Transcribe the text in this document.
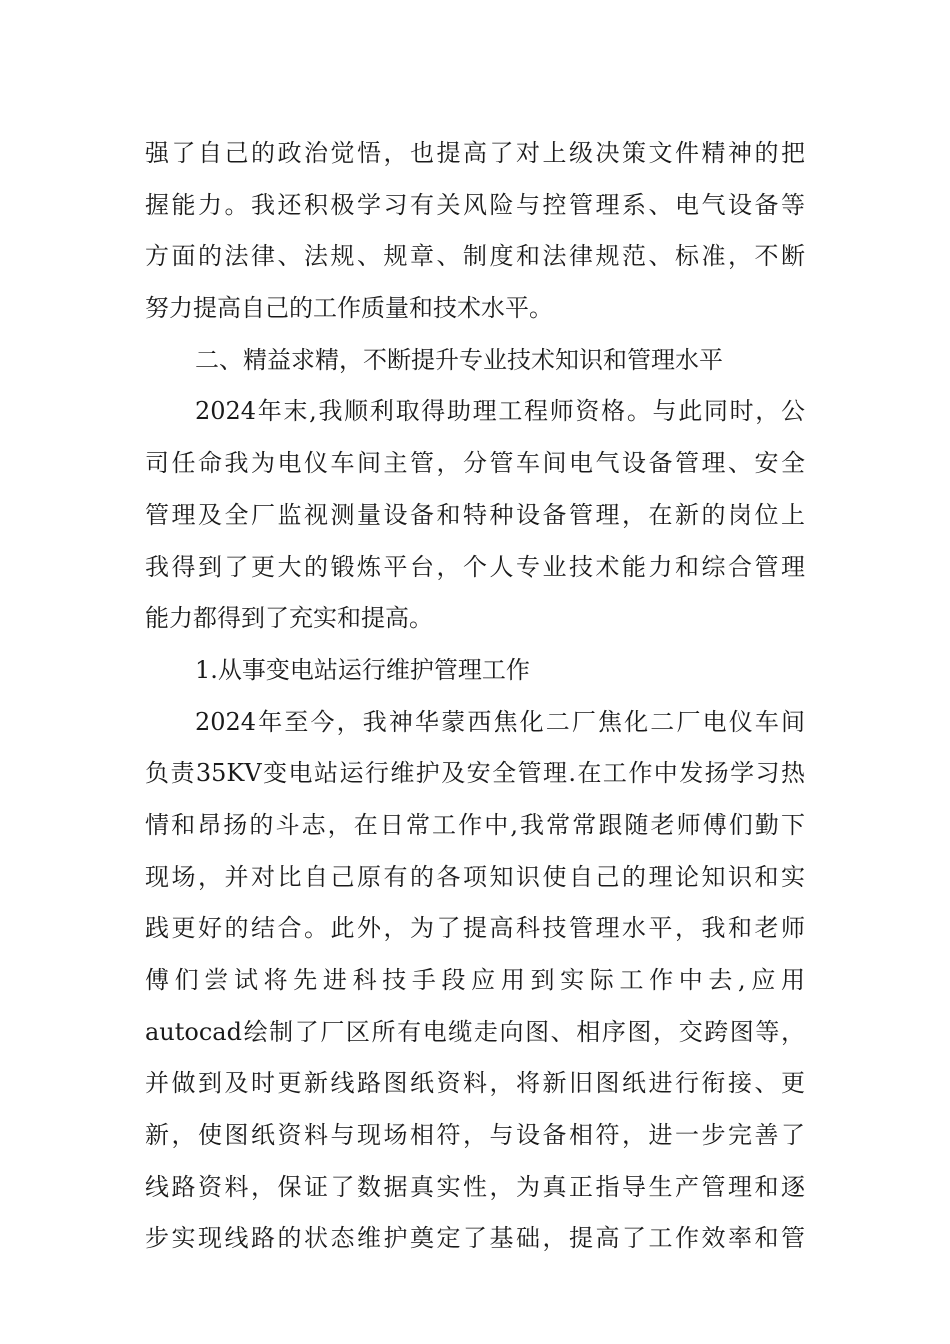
强了自己的政治觉悟，也提高了对上级决策文件精神的把
握能力。我还积极学习有关风险与控管理系、电气设备等
方面的法律、法规、规章、制度和法律规范、标准，不断
努力提高自己的工作质量和技术水平。
二、精益求精，不断提升专业技术知识和管理水平
2024年末,我顺利取得助理工程师资格。与此同时，公
司任命我为电仪车间主管，分管车间电气设备管理、安全
管理及全厂监视测量设备和特种设备管理，在新的岗位上
我得到了更大的锻炼平台，个人专业技术能力和综合管理
能力都得到了充实和提高。
1.从事变电站运行维护管理工作
2024年至今，我神华蒙西焦化二厂焦化二厂电仪车间
负责35KV变电站运行维护及安全管理.在工作中发扬学习热
情和昂扬的斗志，在日常工作中,我常常跟随老师傅们勤下
现场，并对比自己原有的各项知识使自己的理论知识和实
践更好的结合。此外，为了提高科技管理水平，我和老师
傅们尝试将先进科技手段应用到实际工作中去,应用
autocad绘制了厂区所有电缆走向图、相序图，交跨图等，
并做到及时更新线路图纸资料，将新旧图纸进行衔接、更
新，使图纸资料与现场相符，与设备相符，进一步完善了
线路资料，保证了数据真实性，为真正指导生产管理和逐
步实现线路的状态维护奠定了基础，提高了工作效率和管
